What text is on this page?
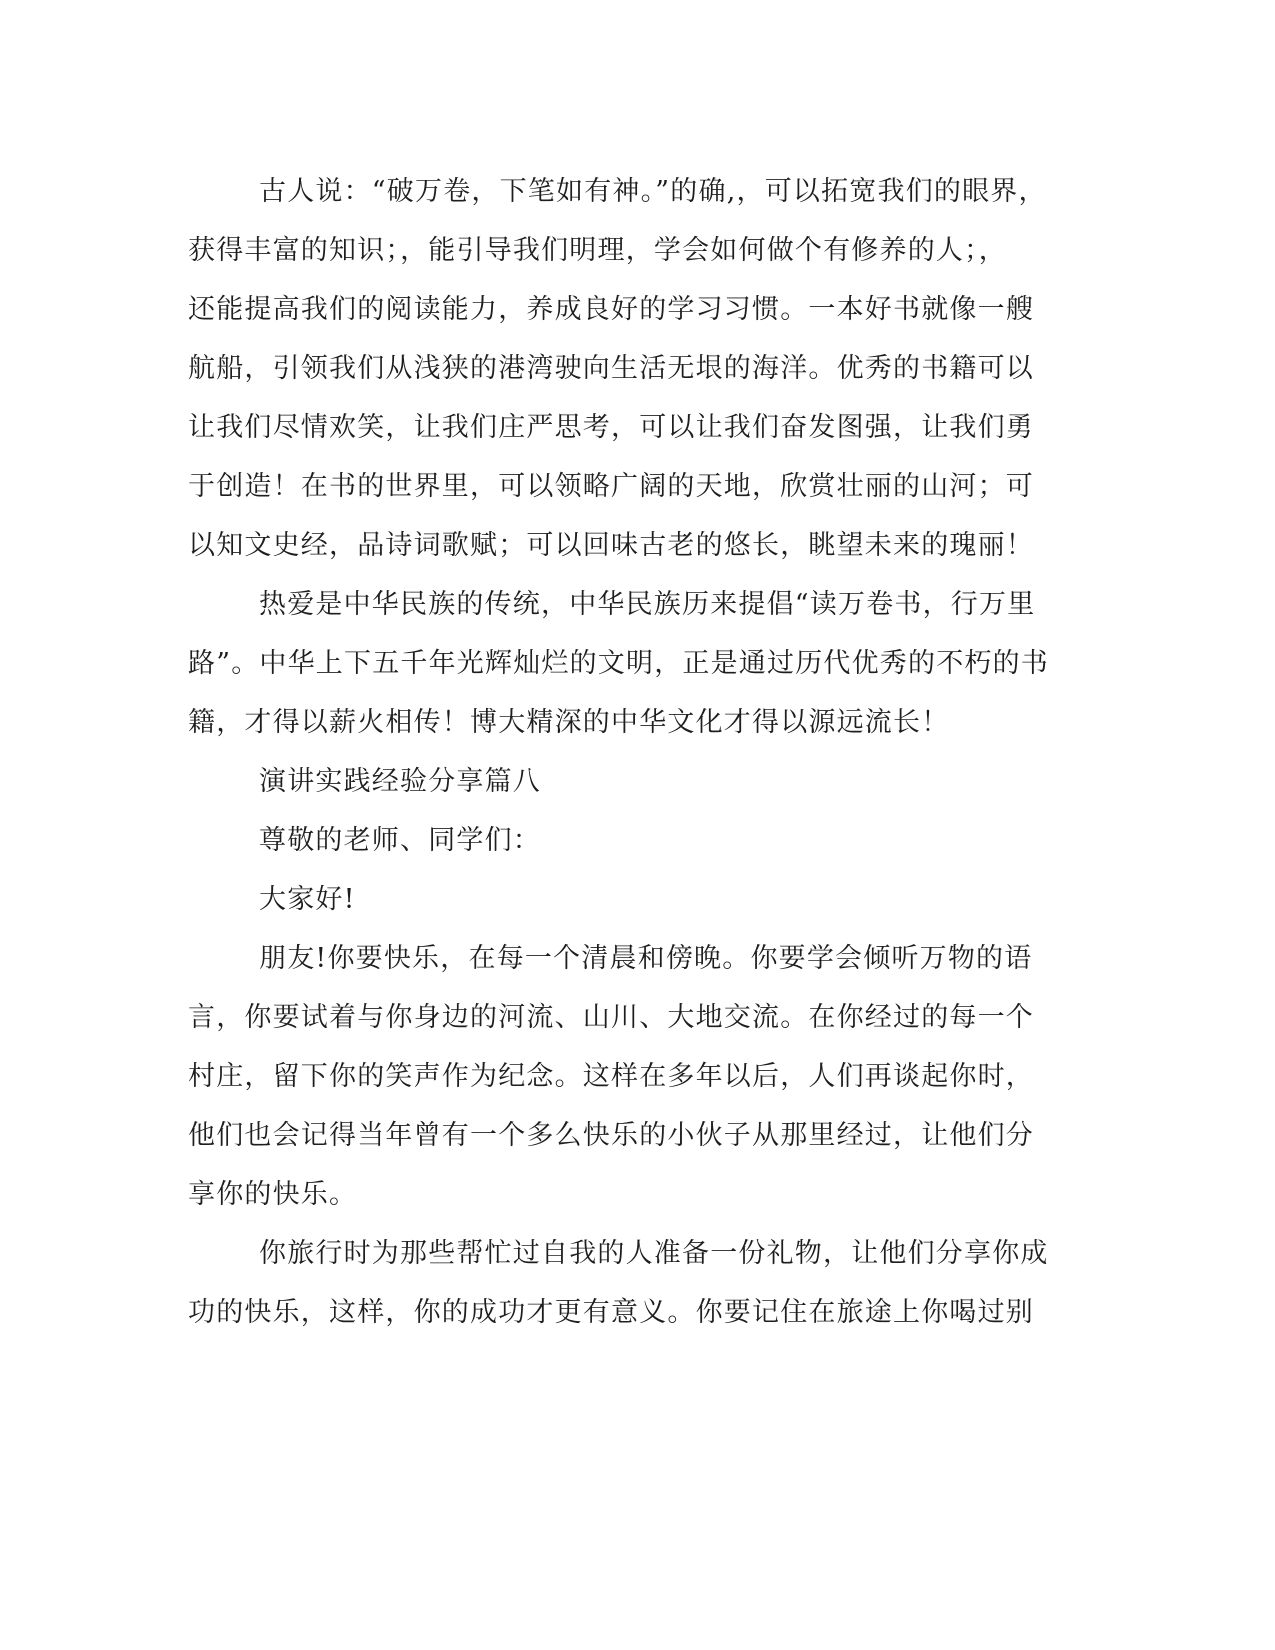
古人说：“破万卷，下笔如有神。”的确,，可以拓宽我们的眼界，
获得丰富的知识；，能引导我们明理，学会如何做个有修养的人；，
还能提高我们的阅读能力，养成良好的学习习惯。一本好书就像一艘
航船，引领我们从浅狭的港湾驶向生活无垠的海洋。优秀的书籍可以
让我们尽情欢笑，让我们庄严思考，可以让我们奋发图强，让我们勇
于创造！在书的世界里，可以领略广阔的天地，欣赏壮丽的山河；可
以知文史经，品诗词歌赋；可以回味古老的悠长，眺望未来的瑰丽！
热爱是中华民族的传统，中华民族历来提倡“读万卷书，行万里
路”。中华上下五千年光辉灿烂的文明，正是通过历代优秀的不朽的书
籍，才得以薪火相传！博大精深的中华文化才得以源远流长！
演讲实践经验分享篇八
尊敬的老师、同学们：
大家好!
朋友!你要快乐，在每一个清晨和傍晚。你要学会倾听万物的语
言，你要试着与你身边的河流、山川、大地交流。在你经过的每一个
村庄，留下你的笑声作为纪念。这样在多年以后，人们再谈起你时，
他们也会记得当年曾有一个多么快乐的小伙子从那里经过，让他们分
享你的快乐。
你旅行时为那些帮忙过自我的人准备一份礼物，让他们分享你成
功的快乐，这样，你的成功才更有意义。你要记住在旅途上你喝过别
